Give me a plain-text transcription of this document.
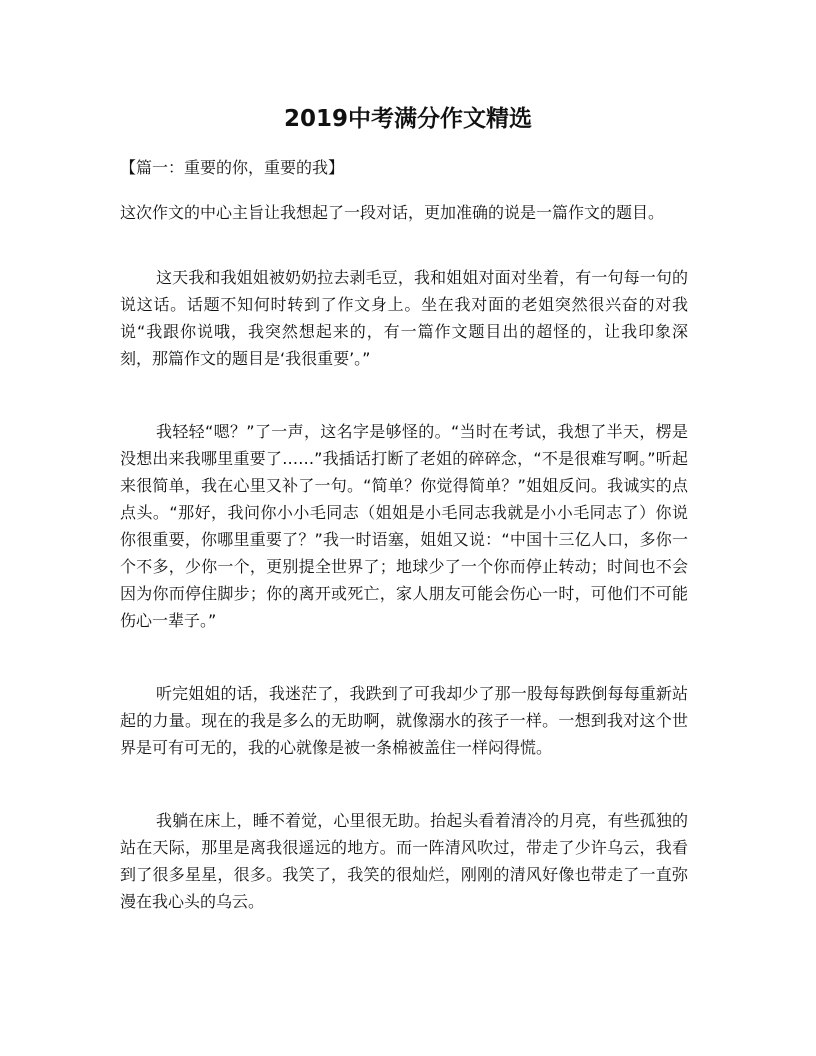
2019中考满分作文精选

【篇一：重要的你，重要的我】

这次作文的中心主旨让我想起了一段对话，更加准确的说是一篇作文的题目。

这天我和我姐姐被奶奶拉去剥毛豆，我和姐姐对面对坐着，有一句每一句的说这话。话题不知何时转到了作文身上。坐在我对面的老姐突然很兴奋的对我说“我跟你说哦，我突然想起来的，有一篇作文题目出的超怪的，让我印象深刻，那篇作文的题目是‘我很重要’。”

我轻轻“嗯？”了一声，这名字是够怪的。“当时在考试，我想了半天，楞是没想出来我哪里重要了……”我插话打断了老姐的碎碎念，“不是很难写啊。”听起来很简单，我在心里又补了一句。“简单？你觉得简单？”姐姐反问。我诚实的点点头。“那好，我问你小小毛同志（姐姐是小毛同志我就是小小毛同志了）你说你很重要，你哪里重要了？”我一时语塞，姐姐又说：“中国十三亿人口，多你一个不多，少你一个，更别提全世界了；地球少了一个你而停止转动；时间也不会因为你而停住脚步；你的离开或死亡，家人朋友可能会伤心一时，可他们不可能伤心一辈子。”

听完姐姐的话，我迷茫了，我跌到了可我却少了那一股每每跌倒每每重新站起的力量。现在的我是多么的无助啊，就像溺水的孩子一样。一想到我对这个世界是可有可无的，我的心就像是被一条棉被盖住一样闷得慌。

我躺在床上，睡不着觉，心里很无助。抬起头看着清冷的月亮，有些孤独的站在天际，那里是离我很遥远的地方。而一阵清风吹过，带走了少许乌云，我看到了很多星星，很多。我笑了，我笑的很灿烂，刚刚的清风好像也带走了一直弥漫在我心头的乌云。
